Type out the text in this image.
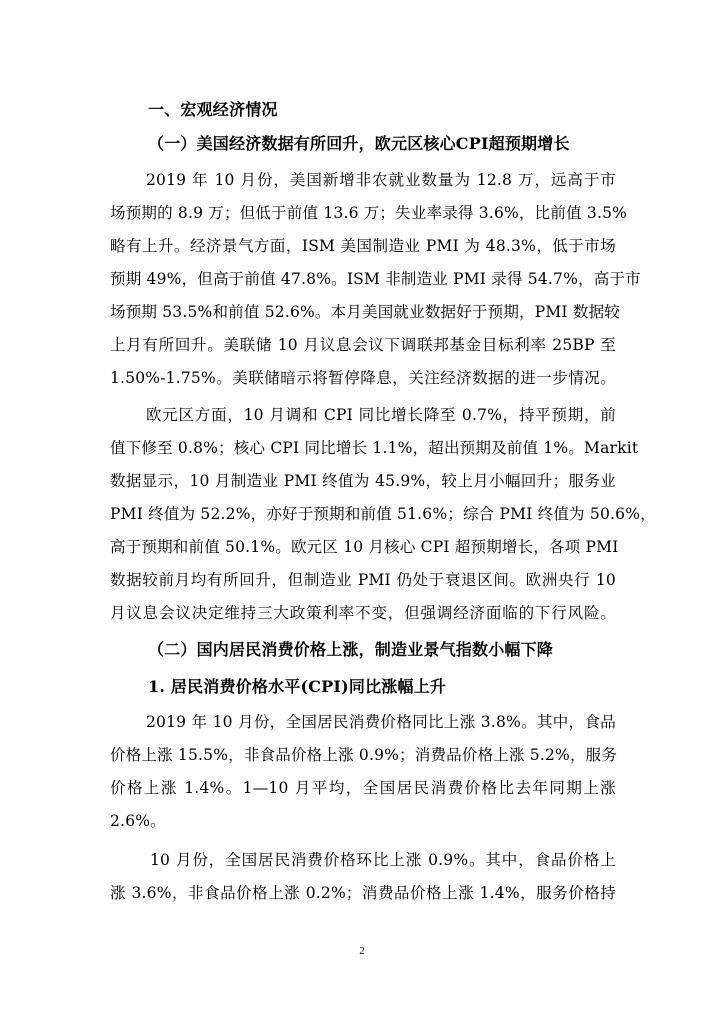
一、宏观经济情况
（一）美国经济数据有所回升，欧元区核心CPI超预期增长
2019 年 10 月份，美国新增非农就业数量为 12.8 万，远高于市
场预期的 8.9 万；但低于前值 13.6 万；失业率录得 3.6%，比前值 3.5%
略有上升。经济景气方面，ISM 美国制造业 PMI 为 48.3%，低于市场
预期 49%，但高于前值 47.8%。ISM 非制造业 PMI 录得 54.7%，高于市
场预期 53.5%和前值 52.6%。本月美国就业数据好于预期，PMI 数据较
上月有所回升。美联储 10 月议息会议下调联邦基金目标利率 25BP 至
1.50%-1.75%。美联储暗示将暂停降息，关注经济数据的进一步情况。
欧元区方面，10 月调和 CPI 同比增长降至 0.7%，持平预期，前
值下修至 0.8%；核心 CPI 同比增长 1.1%，超出预期及前值 1%。Markit
数据显示，10 月制造业 PMI 终值为 45.9%，较上月小幅回升；服务业
PMI 终值为 52.2%，亦好于预期和前值 51.6%；综合 PMI 终值为 50.6%，
高于预期和前值 50.1%。欧元区 10 月核心 CPI 超预期增长，各项 PMI
数据较前月均有所回升，但制造业 PMI 仍处于衰退区间。欧洲央行 10
月议息会议决定维持三大政策利率不变，但强调经济面临的下行风险。
（二）国内居民消费价格上涨，制造业景气指数小幅下降
1. 居民消费价格水平(CPI)同比涨幅上升
2019 年 10 月份，全国居民消费价格同比上涨 3.8%。其中，食品
价格上涨 15.5%，非食品价格上涨 0.9%；消费品价格上涨 5.2%，服务
价格上涨 1.4%。1—10 月平均，全国居民消费价格比去年同期上涨
2.6%。
10 月份，全国居民消费价格环比上涨 0.9%。其中，食品价格上
涨 3.6%，非食品价格上涨 0.2%；消费品价格上涨 1.4%，服务价格持
2
